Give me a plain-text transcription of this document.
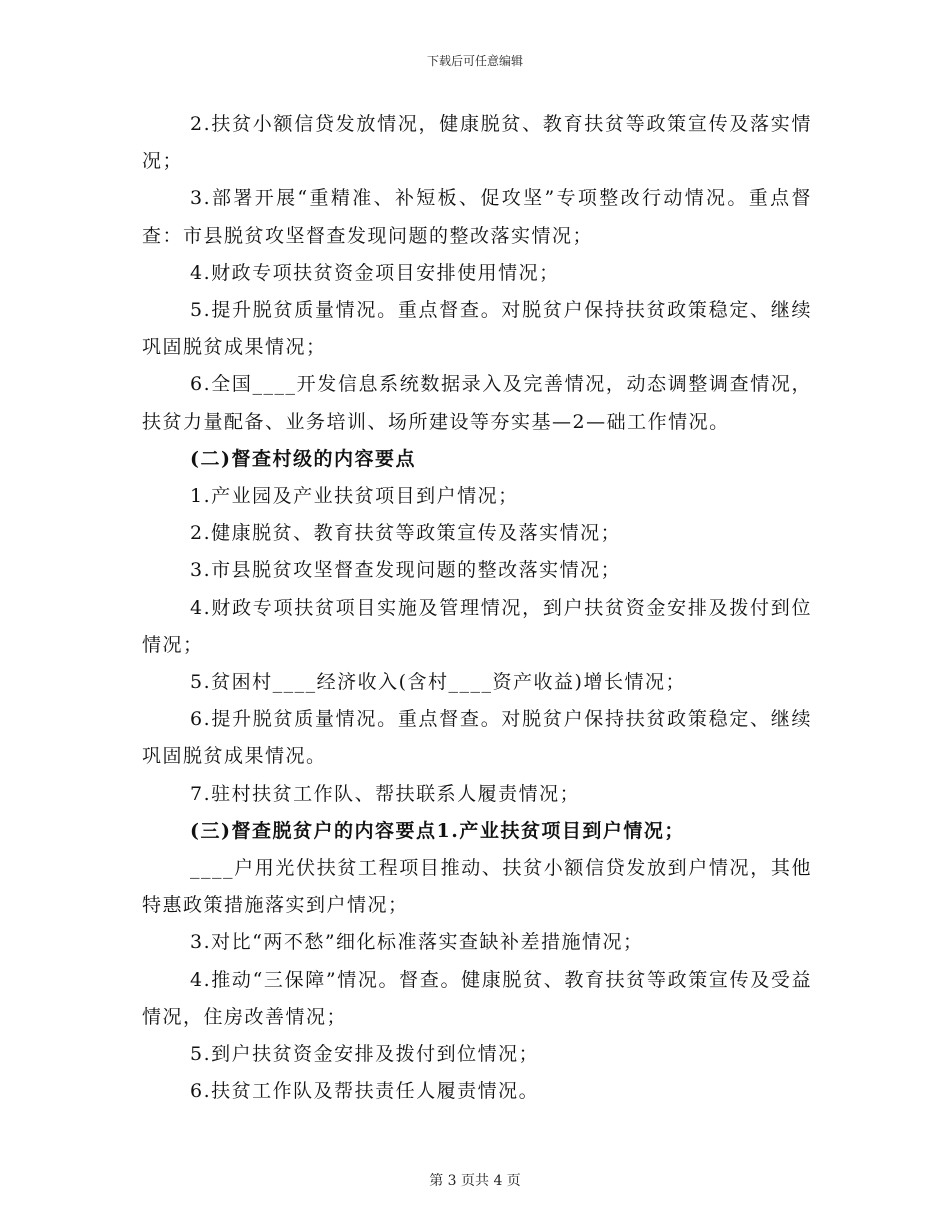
下载后可任意编辑

2.扶贫小额信贷发放情况，健康脱贫、教育扶贫等政策宣传及落实情况；

3.部署开展“重精准、补短板、促攻坚”专项整改行动情况。重点督查：市县脱贫攻坚督查发现问题的整改落实情况；

4.财政专项扶贫资金项目安排使用情况；

5.提升脱贫质量情况。重点督查。对脱贫户保持扶贫政策稳定、继续巩固脱贫成果情况；

6.全国____开发信息系统数据录入及完善情况，动态调整调查情况，扶贫力量配备、业务培训、场所建设等夯实基—2—础工作情况。

(二)督查村级的内容要点

1.产业园及产业扶贫项目到户情况；

2.健康脱贫、教育扶贫等政策宣传及落实情况；

3.市县脱贫攻坚督查发现问题的整改落实情况；

4.财政专项扶贫项目实施及管理情况，到户扶贫资金安排及拨付到位情况；

5.贫困村____经济收入(含村____资产收益)增长情况；

6.提升脱贫质量情况。重点督查。对脱贫户保持扶贫政策稳定、继续巩固脱贫成果情况。

7.驻村扶贫工作队、帮扶联系人履责情况；

(三)督查脱贫户的内容要点1.产业扶贫项目到户情况；

____户用光伏扶贫工程项目推动、扶贫小额信贷发放到户情况，其他特惠政策措施落实到户情况；

3.对比“两不愁”细化标准落实查缺补差措施情况；

4.推动“三保障”情况。督查。健康脱贫、教育扶贫等政策宣传及受益情况，住房改善情况；

5.到户扶贫资金安排及拨付到位情况；

6.扶贫工作队及帮扶责任人履责情况。

第 3 页共 4 页
